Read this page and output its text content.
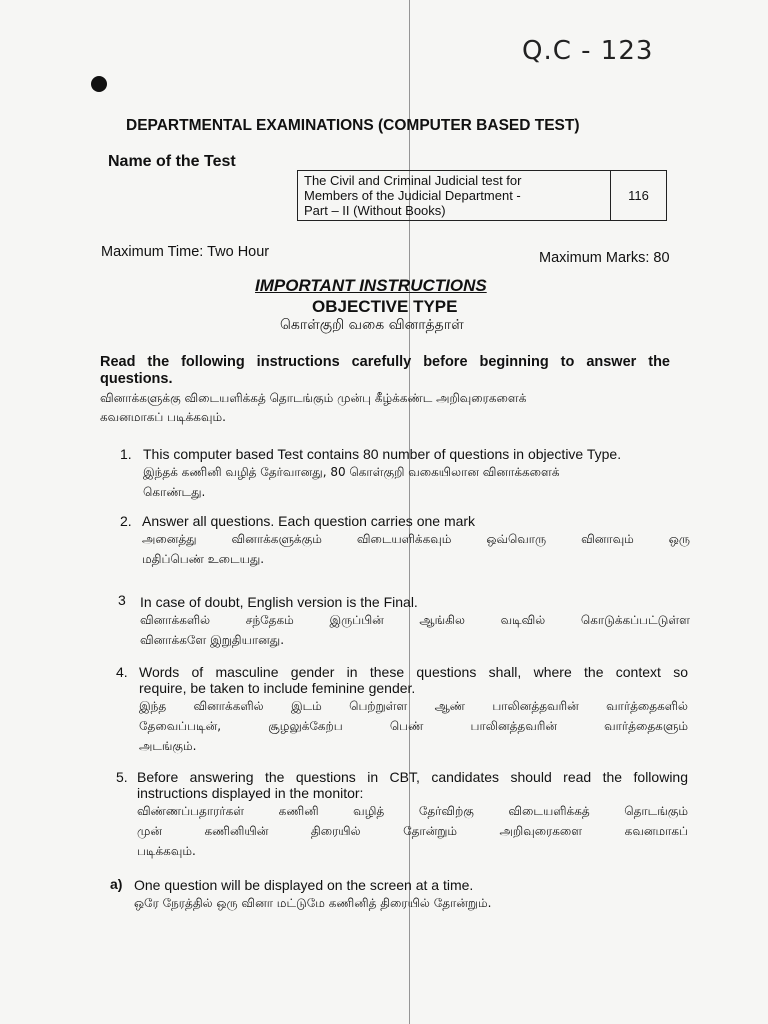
Q.C - 123
DEPARTMENTAL EXAMINATIONS (COMPUTER BASED TEST)
Name of the Test
The Civil and Criminal Judicial test for
Members of the Judicial Department -
Part – II (Without Books)
	116
Maximum Time: Two Hour	Maximum Marks: 80
IMPORTANT INSTRUCTIONS
OBJECTIVE TYPE
கொள்குறி வகை வினாத்தாள்
Read the following instructions carefully before beginning to answer the
questions.
வினாக்களுக்கு விடையளிக்கத் தொடங்கும் முன்பு கீழ்க்கண்ட அறிவுரைகளைக்
கவனமாகப் படிக்கவும்.
1. This computer based Test contains 80 number of questions in objective Type.
இந்தக் கணினி வழித் தேர்வானது, 80 கொள்குறி வகையிலான வினாக்களைக்
கொண்டது.
2. Answer all questions. Each question carries one mark
அனைத்து வினாக்களுக்கும் விடையளிக்கவும் ஒவ்வொரு வினாவும் ஒரு
மதிப்பெண் உடையது.
3 In case of doubt, English version is the Final.
வினாக்களில் சந்தேகம் இருப்பின் ஆங்கில வடிவில் கொடுக்கப்பட்டுள்ள
வினாக்களே இறுதியானது.
4. Words of masculine gender in these questions shall, where the context so
require, be taken to include feminine gender.
இந்த வினாக்களில் இடம் பெற்றுள்ள ஆண் பாலினத்தவரின் வார்த்தைகளில்
தேவைப்படின், சூழலுக்கேற்ப பெண் பாலினத்தவரின் வார்த்தைகளும்
அடங்கும்.
5. Before answering the questions in CBT, candidates should read the following
instructions displayed in the monitor:
விண்ணப்பதாரர்கள் கணினி வழித் தேர்விற்கு விடையளிக்கத் தொடங்கும்
முன் கணினியின் திரையில் தோன்றும் அறிவுரைகளை கவனமாகப்
படிக்கவும்.
a) One question will be displayed on the screen at a time.
ஒரே நேரத்தில் ஒரு வினா மட்டுமே கணினித் திரையில் தோன்றும்.
